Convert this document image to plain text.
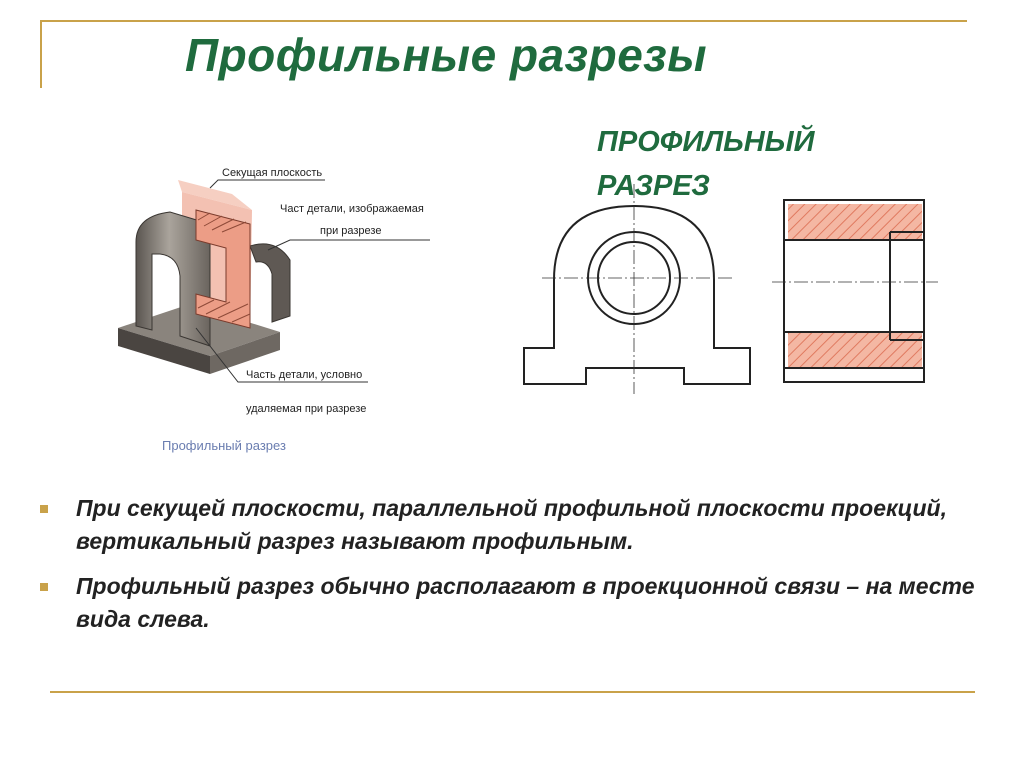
Профильные разрезы
ПРОФИЛЬНЫЙ РАЗРЕЗ
Секущая плоскость
Част детали, изображаемая
при разрезе
Часть детали, условно
удаляемая при разрезе
Профильный разрез
При секущей плоскости, параллельной профильной плоскости проекций, вертикальный разрез называют профильным.
Профильный разрез обычно располагают в проекционной связи – на месте вида слева.
